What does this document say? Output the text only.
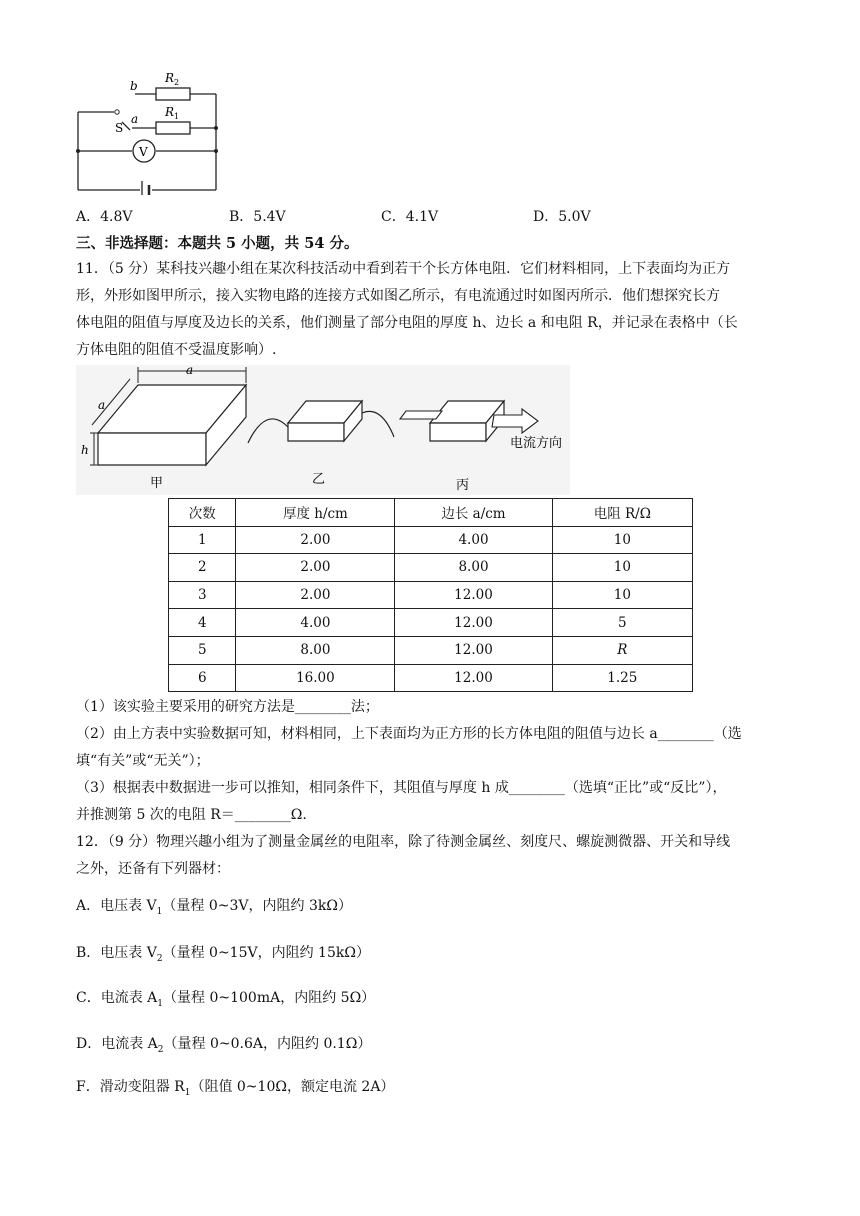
b
R 2
R 1
a
S
V
A．4.8V	B．5.4V	C．4.1V	D．5.0V
三、非选择题：本题共 5 小题，共 54 分。
11．（5 分）某科技兴趣小组在某次科技活动中看到若干个长方体电阻．它们材料相同，上下表面均为正方
形，外形如图甲所示，接入实物电路的连接方式如图乙所示，有电流通过时如图丙所示．他们想探究长方
体电阻的阻值与厚度及边长的关系，他们测量了部分电阻的厚度 h、边长 a 和电阻 R，并记录在表格中（长
方体电阻的阻值不受温度影响）.
a
a
h	电流方向
甲	乙	丙
次数	厚度 h/cm	边长 a/cm	电阻 R/Ω
1	2.00	4.00	10
2	2.00	8.00	10
3	2.00	12.00	10
4	4.00	12.00	5
5	8.00	12.00	R
6	16.00	12.00	1.25
（1）该实验主要采用的研究方法是________法；
（2）由上方表中实验数据可知，材料相同，上下表面均为正方形的长方体电阻的阻值与边长 a________（选
填“有关”或“无关”）；
（3）根据表中数据进一步可以推知，相同条件下，其阻值与厚度 h 成________（选填“正比”或“反比”），
并推测第 5 次的电阻 R＝________Ω.
12．（9 分）物理兴趣小组为了测量金属丝的电阻率，除了待测金属丝、刻度尺、螺旋测微器、开关和导线
之外，还备有下列器材：
A．电压表 $V_1$（量程 0~3V，内阻约 3kΩ）
B．电压表 $V_2$（量程 0~15V，内阻约 15kΩ）
C．电流表 $A_1$（量程 0~100mA，内阻约 5Ω）
D．电流表 $A_2$（量程 0~0.6A，内阻约 0.1Ω）
F．滑动变阻器 $R_1$（阻值 0~10Ω，额定电流 2A）
